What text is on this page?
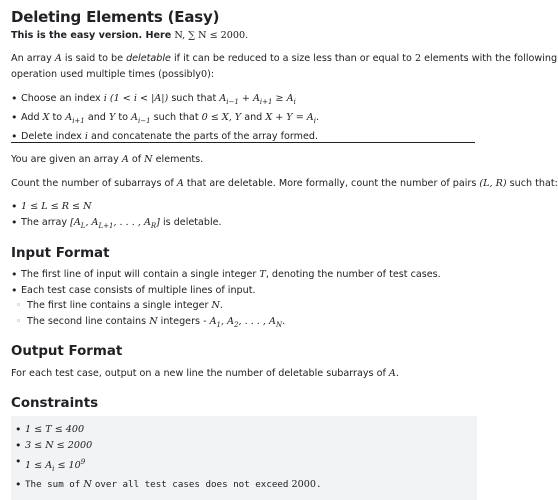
Deleting Elements (Easy)
This is the easy version. Here N, ∑ N ≤ 2000.
An array A is said to be deletable if it can be reduced to a size less than or equal to 2 elements with the following
operation used multiple times (possibly0):
• Choose an index i (1 < i < |A|) such that $A_{i-1} + A_{i+1} \ge A_i$
• Add X to $A_{i+1}$ and Y to $A_{i-1}$ such that 0 ≤ X, Y and $X + Y = A_i$.
• Delete index i and concatenate the parts of the array formed.
You are given an array A of N elements.
Count the number of subarrays of A that are deletable. More formally, count the number of pairs (L, R) such that:
• 1 ≤ L ≤ R ≤ N
• The array [$A_L$, $A_{L+1}$, . . . , $A_R$] is deletable.
Input Format
• The first line of input will contain a single integer T, denoting the number of test cases.
• Each test case consists of multiple lines of input.
◦ The first line contains a single integer N.
◦ The second line contains N integers - $A_1$, $A_2$, . . . , $A_N$.
Output Format
For each test case, output on a new line the number of deletable subarrays of A.
Constraints
• 1 ≤ T ≤ 400
• 3 ≤ N ≤ 2000
• $1 \le A_i \le 10^9$
• The sum of N over all test cases does not exceed 2000.
